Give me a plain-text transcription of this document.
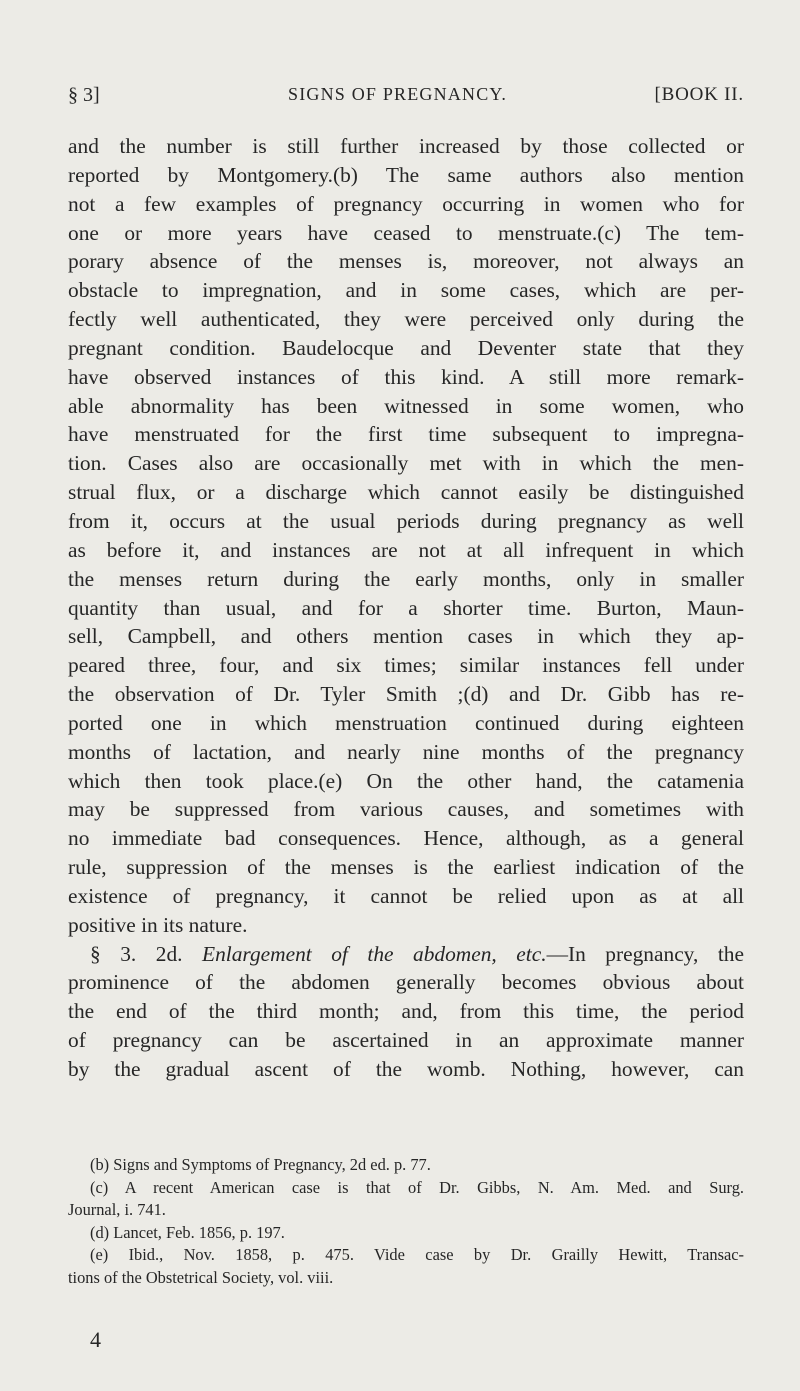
§ 3]	SIGNS OF PREGNANCY.	[BOOK II.
and the number is still further increased by those collected or
reported by Montgomery.(b) The same authors also mention
not a few examples of pregnancy occurring in women who for
one or more years have ceased to menstruate.(c) The tem-
porary absence of the menses is, moreover, not always an
obstacle to impregnation, and in some cases, which are per-
fectly well authenticated, they were perceived only during the
pregnant condition. Baudelocque and Deventer state that they
have observed instances of this kind. A still more remark-
able abnormality has been witnessed in some women, who
have menstruated for the first time subsequent to impregna-
tion. Cases also are occasionally met with in which the men-
strual flux, or a discharge which cannot easily be distinguished
from it, occurs at the usual periods during pregnancy as well
as before it, and instances are not at all infrequent in which
the menses return during the early months, only in smaller
quantity than usual, and for a shorter time. Burton, Maun-
sell, Campbell, and others mention cases in which they ap-
peared three, four, and six times; similar instances fell under
the observation of Dr. Tyler Smith ;(d) and Dr. Gibb has re-
ported one in which menstruation continued during eighteen
months of lactation, and nearly nine months of the pregnancy
which then took place.(e) On the other hand, the catamenia
may be suppressed from various causes, and sometimes with
no immediate bad consequences. Hence, although, as a general
rule, suppression of the menses is the earliest indication of the
existence of pregnancy, it cannot be relied upon as at all
positive in its nature.
§ 3. 2d. Enlargement of the abdomen, etc.—In pregnancy, the
prominence of the abdomen generally becomes obvious about
the end of the third month; and, from this time, the period
of pregnancy can be ascertained in an approximate manner
by the gradual ascent of the womb. Nothing, however, can
(b) Signs and Symptoms of Pregnancy, 2d ed. p. 77.
(c) A recent American case is that of Dr. Gibbs, N. Am. Med. and Surg.
Journal, i. 741.
(d) Lancet, Feb. 1856, p. 197.
(e) Ibid., Nov. 1858, p. 475. Vide case by Dr. Grailly Hewitt, Transac-
tions of the Obstetrical Society, vol. viii.
4
